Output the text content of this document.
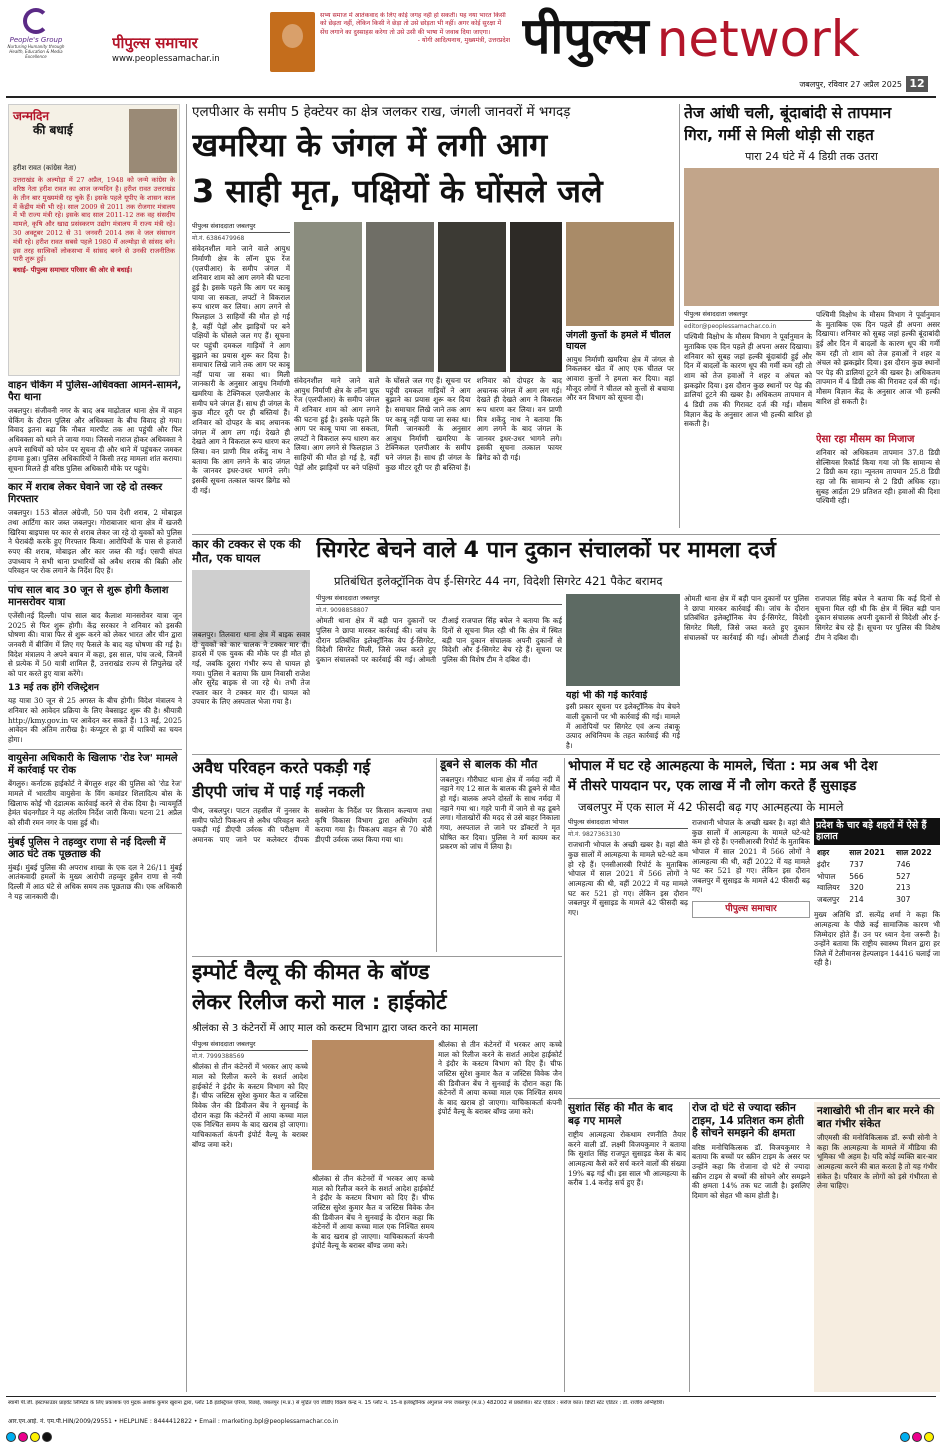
People's Group
Nurturing Humanity through Health, Education & Media Excellence
पीपुल्स समाचार
www.peoplessamachar.in
सभ्य समाज में आतंकवाद के लिए कोई जगह नहीं हो सकती। यह नया भारत किसी को छेड़ता नहीं, लेकिन किसी ने छेड़ा तो उसे छोड़ता भी नहीं। अगर कोई सुरक्षा में सेंध लगाने का दुस्साहस करेगा तो उसे उसी की भाषा में जवाब दिया जाएगा।
- योगी आदित्यनाथ, मुख्यमंत्री, उत्तरप्रदेश पीपुल्स network
जबलपुर, रविवार 27 अप्रैल 2025 12
जन्मदिन
की बधाई
हरीश रावत (कांग्रेस नेता)
उत्तराखंड के अल्मोड़ा में 27 अप्रैल, 1948 को जन्मे कांग्रेस के वरिष्ठ नेता हरीश रावत का आज जन्मदिन है। हरीश रावत उत्तराखंड के तीन बार मुख्यमंत्री रह चुके हैं। इसके पहले यूपीए के शासन काल में केंद्रीय मंत्री भी रहे। साल 2009 से 2011 तक रोजगार मंत्रालय में भी राज्य मंत्री रहे। इसके बाद साल 2011-12 तक वह संसदीय मामले, कृषि और खाद्य प्रसंस्करण उद्योग मंत्रालय में राज्य मंत्री रहे। 30 अक्टूबर 2012 से 31 जनवरी 2014 तक वे जल संसाधन मंत्री रहे। हरीश रावत सबसे पहले 1980 में अल्मोड़ा से सांसद बने। इस तरह सात्विकों लोकसभा में सांसद बनने से उनकी राजनीतिक पारी शुरू हुई।
बधाई- पीपुल्स समाचार परिवार की ओर से बधाई।
वाहन चेकिंग में पुलिस-अधिवक्ता आमने-सामने, पैरा थाना
जबलपुर। संजीवनी नगर के बाद अब माढ़ोताल थाना क्षेत्र में वाहन चेकिंग के दौरान पुलिस और अधिवक्ता के बीच विवाद हो गया। विवाद इतना बढ़ा कि नौबत मारपीट तक आ पहुंची और फिर अधिवक्ता को थाने ले जाया गया। जिससे नाराज होकर अधिवक्ता ने अपने साथियों को फोन पर सूचना दी और थाने में पहुंचकर जमकर हंगामा हुआ। पुलिस अधिकारियों ने किसी तरह मामला शांत कराया। सूचना मिलते ही वरिष्ठ पुलिस अधिकारी मौके पर पहुंचे।
कार में शराब लेकर घेवाने जा रहे दो तस्कर गिरफ्तार
जबलपुर। 153 बोतल अंग्रेजी, 50 पाव देशी शराब, 2 मोबाइल तथा आर्टिगा कार जब्त जबलपुर। गोराबाजार थाना क्षेत्र में खजरी खिरिया बाइपास पर कार से शराब लेकर जा रहे दो युवकों को पुलिस ने घेराबंदी करके हुए गिरफ्तार किया। आरोपियों के पास से हजारों रुपए की शराब, मोबाइल और कार जब्त की गई। एसपी संपत उपाध्याय ने सभी थाना प्रभारियों को अवैध शराब की बिक्री और परिवहन पर रोक लगाने के निर्देश दिए हैं।
पांच साल बाद 30 जून से शुरू होगी कैलाश मानसरोवर यात्रा
एजेंसी।नई दिल्ली। पांच साल बाद कैलाश मानसरोवर यात्रा जून 2025 से फिर शुरू होगी। केंद्र सरकार ने शनिवार को इसकी घोषणा की। यात्रा फिर से शुरू करने को लेकर भारत और चीन द्वारा जनवरी में बीजिंग में लिए गए फैसले के बाद यह घोषणा की गई है। विदेश मंत्रालय ने अपने बयान में कहा, इस साल, पांच जत्थे, जिनमें से प्रत्येक में 50 यात्री शामिल हैं, उत्तराखंड राज्य से लिपुलेख दर्रे को पार करते हुए यात्रा करेंगे।
13 मई तक होंगे रजिस्ट्रेशन
यह यात्रा 30 जून से 25 अगस्त के बीच होगी। विदेश मंत्रालय ने शनिवार को आवेदन प्रक्रिया के लिए वेबसाइट शुरू की है। श्रीयात्री http://kmy.gov.in पर आवेदन कर सकते हैं। 13 मई, 2025 आवेदन की अंतिम तारीख है। कंप्यूटर से ड्रा में यात्रियों का चयन होगा।
वायुसेना अधिकारी के खिलाफ 'रोड रेज' मामले में कार्रवाई पर रोक
बेंगलुरु। कर्नाटक हाईकोर्ट ने बेंगलुरु शहर की पुलिस को 'रोड रेज' मामले में भारतीय वायुसेना के विंग कमांडर शिलादित्य बोस के खिलाफ कोई भी दंडात्मक कार्रवाई करने से रोक दिया है। न्यायमूर्ति हेमंत चंदनगौडर ने यह अंतरिम निर्देश जारी किया। घटना 21 अप्रैल को सीवी रमन नगर के पास हुई थी।
मुंबई पुलिस ने तहव्वुर राणा से नई दिल्ली में आठ घंटे तक पूछताछ की
मुंबई। मुंबई पुलिस की अपराध शाखा के एक दल ने 26/11 मुंबई आतंकवादी हमलों के मुख्य आरोपी तहव्वुर हुसैन राणा से नयी दिल्ली में आठ घंटे से अधिक समय तक पूछताछ की। एक अधिकारी ने यह जानकारी दी।
एलपीआर के समीप 5 हेक्टेयर का क्षेत्र जलकर राख, जंगली जानवरों में भगदड़
खमरिया के जंगल में लगी आग
3 साही मृत, पक्षियों के घोंसले जले
पीपुल्स संवाददाता जबलपुर
मो.नं. 6386479968
संवेदनशील माने जाने वाले आयुध निर्माणी क्षेत्र के लॉन्ग प्रूफ रेंज (एलपीआर) के समीप जंगल में शनिवार शाम को आग लगने की घटना हुई है। इसके पहले कि आग पर काबू पाया जा सकता, लपटों ने विकराल रूप धारण कर लिया। आग लगने से फिलहाल 3 साहियों की मौत हो गई है, वहीं पेड़ों और झाड़ियों पर बने पक्षियों के घोंसले जल गए हैं। सूचना पर पहुंची दमकल गाड़ियों ने आग बुझाने का प्रयास शुरू कर दिया है। समाचार लिखे जाने तक आग पर काबू नहीं पाया जा सका था। मिली जानकारी के अनुसार आयुध निर्माणी खमरिया के टेक्निकल एलपीआर के समीप घने जंगल हैं। साथ ही जंगल के कुछ मीटर दूरी पर ही बस्तियां हैं। शनिवार को दोपहर के बाद अचानक जंगल में आग लग गई। देखते ही देखते आग ने विकराल रूप धारण कर लिया। वन प्राणी मित्र शकेंदु नाथ ने बताया कि आग लगने के बाद जंगल के जानवर इधर-उधर भागने लगे। इसकी सूचना तत्काल फायर ब्रिगेड को दी गई।
संवेदनशील माने जाने वाले आयुध निर्माणी क्षेत्र के लॉन्ग प्रूफ रेंज (एलपीआर) के समीप जंगल में शनिवार शाम को आग लगने की घटना हुई है। इसके पहले कि आग पर काबू पाया जा सकता, लपटों ने विकराल रूप धारण कर लिया। आग लगने से फिलहाल 3 साहियों की मौत हो गई है, वहीं पेड़ों और झाड़ियों पर बने पक्षियों के घोंसले जल गए हैं। सूचना पर पहुंची दमकल गाड़ियों ने आग बुझाने का प्रयास शुरू कर दिया है। समाचार लिखे जाने तक आग पर काबू नहीं पाया जा सका था। मिली जानकारी के अनुसार आयुध निर्माणी खमरिया के टेक्निकल एलपीआर के समीप घने जंगल हैं। साथ ही जंगल के कुछ मीटर दूरी पर ही बस्तियां हैं। शनिवार को दोपहर के बाद अचानक जंगल में आग लग गई। देखते ही देखते आग ने विकराल रूप धारण कर लिया। वन प्राणी मित्र शकेंदु नाथ ने बताया कि आग लगने के बाद जंगल के जानवर इधर-उधर भागने लगे। इसकी सूचना तत्काल फायर ब्रिगेड को दी गई।
जंगली कुत्तों के हमले में चीतल घायल
आयुध निर्माणी खमरिया क्षेत्र में जंगल से निकलकर खेत में आए एक चीतल पर आवारा कुत्तों ने हमला कर दिया। वहां मौजूद लोगों ने चीतल को कुत्तों से बचाया और वन विभाग को सूचना दी।
तेज आंधी चली, बूंदाबांदी से तापमान
गिरा, गर्मी से मिली थोड़ी सी राहत
पारा 24 घंटे में 4 डिग्री तक उतरा
पीपुल्स संवाददाता जबलपुर
editor@peoplessamachar.co.in
पश्चिमी विक्षोभ के मौसम विभाग ने पूर्वानुमान के मुताबिक एक दिन पहले ही अपना असर दिखाया। शनिवार को सुबह जहां हल्की बूंदाबांदी हुई और दिन में बादलों के कारण धूप की गर्मी कम रही तो शाम को तेज हवाओं ने शहर व अंचल को झकझोर दिया। इस दौरान कुछ स्थानों पर पेड़ की डालियां टूटने की खबर है। अधिकतम तापमान में 4 डिग्री तक की गिरावट दर्ज की गई। मौसम विज्ञान केंद्र के अनुसार आज भी हल्की बारिश हो सकती है।
पश्चिमी विक्षोभ के मौसम विभाग ने पूर्वानुमान के मुताबिक एक दिन पहले ही अपना असर दिखाया। शनिवार को सुबह जहां हल्की बूंदाबांदी हुई और दिन में बादलों के कारण धूप की गर्मी कम रही तो शाम को तेज हवाओं ने शहर व अंचल को झकझोर दिया। इस दौरान कुछ स्थानों पर पेड़ की डालियां टूटने की खबर है। अधिकतम तापमान में 4 डिग्री तक की गिरावट दर्ज की गई। मौसम विज्ञान केंद्र के अनुसार आज भी हल्की बारिश हो सकती है।
ऐसा रहा मौसम का मिजाज
शनिवार को अधिकतम तापमान 37.8 डिग्री सेल्सियस रिकॉर्ड किया गया जो कि सामान्य से 2 डिग्री कम रहा। न्यूनतम तापमान 25.8 डिग्री रहा जो कि सामान्य से 2 डिग्री अधिक रहा। सुबह आर्द्रता 29 प्रतिशत रही। हवाओं की दिशा पश्चिमी रही।
कार की टक्कर से एक की मौत, एक घायल
जबलपुर। तिलवारा थाना क्षेत्र में बाइक सवार दो युवकों को कार चालक ने टक्कर मार दी। हादसे में एक युवक की मौके पर ही मौत हो गई, जबकि दूसरा गंभीर रूप से घायल हो गया। पुलिस ने बताया कि ग्राम निवासी राजेश और सुरेंद्र बाइक से जा रहे थे। तभी तेज रफ्तार कार ने टक्कर मार दी। घायल को उपचार के लिए अस्पताल भेजा गया है।
सिगरेट बेचने वाले 4 पान दुकान संचालकों पर मामला दर्ज
प्रतिबंधित इलेक्ट्रॉनिक वेप ई-सिगरेट 44 नग, विदेशी सिगरेट 421 पैकेट बरामद
पीपुल्स संवाददाता जबलपुर
मो.नं. 9098858807
ओमती थाना क्षेत्र में बड़ी पान दुकानों पर पुलिस ने छापा मारकर कार्रवाई की। जांच के दौरान प्रतिबंधित इलेक्ट्रॉनिक वेप ई-सिगरेट, विदेशी सिगरेट मिली, जिसे जब्त करते हुए दुकान संचालकों पर कार्रवाई की गई। ओमती टीआई राजपाल सिंह बघेल ने बताया कि कई दिनों से सूचना मिल रही थी कि क्षेत्र में स्थित बड़ी पान दुकान संचालक अपनी दुकानों से विदेशी और ई-सिगरेट बेच रहे हैं। सूचना पर पुलिस की विशेष टीम ने दबिश दी।
यहां भी की गई कार्रवाई
इसी प्रकार सूचना पर इलेक्ट्रॉनिक वेप बेचने वाली दुकानों पर भी कार्रवाई की गई। मामले में आरोपियों पर सिगरेट एवं अन्य तंबाकू उत्पाद अधिनियम के तहत कार्रवाई की गई है।
ओमती थाना क्षेत्र में बड़ी पान दुकानों पर पुलिस ने छापा मारकर कार्रवाई की। जांच के दौरान प्रतिबंधित इलेक्ट्रॉनिक वेप ई-सिगरेट, विदेशी सिगरेट मिली, जिसे जब्त करते हुए दुकान संचालकों पर कार्रवाई की गई। ओमती टीआई राजपाल सिंह बघेल ने बताया कि कई दिनों से सूचना मिल रही थी कि क्षेत्र में स्थित बड़ी पान दुकान संचालक अपनी दुकानों से विदेशी और ई-सिगरेट बेच रहे हैं। सूचना पर पुलिस की विशेष टीम ने दबिश दी।
अवैध परिवहन करते पकड़ी गई
डीएपी जांच में पाई गई नकली
पीथ, जबलपुर। पाटन तहसील में नुनसर के समीप फोटो पिकअप से अवैध परिवहन करते पकड़ी गई डीएपी उर्वरक की परीक्षण में अमानक पाए जाने पर कलेक्टर दीपक सक्सेना के निर्देश पर किसान कल्याण तथा कृषि विकास विभाग द्वारा अभियोग दर्ज कराया गया है। पिकअप वाहन से 70 बोरी डीएपी उर्वरक जब्त किया गया था।
डूबने से बालक की मौत
जबलपुर। गौरीघाट थाना क्षेत्र में नर्मदा नदी में नहाने गए 12 साल के बालक की डूबने से मौत हो गई। बालक अपने दोस्तों के साथ नर्मदा में नहाने गया था। गहरे पानी में जाने से वह डूबने लगा। गोताखोरों की मदद से उसे बाहर निकाला गया, अस्पताल ले जाने पर डॉक्टरों ने मृत घोषित कर दिया। पुलिस ने मर्ग कायम कर प्रकरण को जांच में लिया है।
भोपाल में घट रहे आत्महत्या के मामले, चिंता : मप्र अब भी देश
में तीसरे पायदान पर, एक लाख में नौ लोग करते हैं सुसाइड
जबलपुर में एक साल में 42 फीसदी बढ़ गए आत्महत्या के मामले
पीपुल्स संवाददाता भोपाल
मो.नं. 9827363130
राजधानी भोपाल के अच्छी खबर है। वहां बीते कुछ सालों में आत्महत्या के मामले घटे-घटे कम हो रहे हैं। एनसीआरबी रिपोर्ट के मुताबिक भोपाल में साल 2021 में 566 लोगों ने आत्महत्या की थी, वहीं 2022 में यह मामले घट कर 521 हो गए। लेकिन इस दौरान जबलपुर में सुसाइड के मामले 42 फीसदी बढ़ गए।
राजधानी भोपाल के अच्छी खबर है। वहां बीते कुछ सालों में आत्महत्या के मामले घटे-घटे कम हो रहे हैं। एनसीआरबी रिपोर्ट के मुताबिक भोपाल में साल 2021 में 566 लोगों ने आत्महत्या की थी, वहीं 2022 में यह मामले घट कर 521 हो गए। लेकिन इस दौरान जबलपुर में सुसाइड के मामले 42 फीसदी बढ़ गए।
पीपुल्स समाचार
प्रदेश के चार बड़े शहरों में ऐसे हैं हालात
शहर	साल 2021	साल 2022
इंदौर	737	746
भोपाल	566	527
ग्वालियर	320	213
जबलपुर	214	307
मुख्य अतिथि डॉ. सत्येंद्र शर्मा ने कहा कि आत्महत्या के पीछे कई सामाजिक कारण भी जिम्मेदार होते हैं। उन पर ध्यान देना जरूरी है। उन्होंने बताया कि राष्ट्रीय स्वास्थ्य मिशन द्वारा हर जिले में टेलीमानस हेल्पलाइन 14416 चलाई जा रही है।
इम्पोर्ट वैल्यू की कीमत के बॉण्ड
लेकर रिलीज करो माल : हाईकोर्ट
श्रीलंका से 3 कंटेनरों में आए माल को कस्टम विभाग द्वारा जब्त करने का मामला
पीपुल्स संवाददाता जबलपुर
मो.नं. 7999388569
श्रीलंका से तीन कंटेनरों में भरकर आए कच्चे माल को रिलीज करने के सशर्त आदेश हाईकोर्ट ने इंदौर के कस्टम विभाग को दिए हैं। चीफ जस्टिस सुरेश कुमार कैत व जस्टिस विवेक जैन की डिवीजन बेंच ने सुनवाई के दौरान कहा कि कंटेनरों में आया कच्चा माल एक निश्चित समय के बाद खराब हो जाएगा। याचिकाकर्ता कंपनी इंपोर्ट वैल्यू के बराबर बॉण्ड जमा करे।
श्रीलंका से तीन कंटेनरों में भरकर आए कच्चे माल को रिलीज करने के सशर्त आदेश हाईकोर्ट ने इंदौर के कस्टम विभाग को दिए हैं। चीफ जस्टिस सुरेश कुमार कैत व जस्टिस विवेक जैन की डिवीजन बेंच ने सुनवाई के दौरान कहा कि कंटेनरों में आया कच्चा माल एक निश्चित समय के बाद खराब हो जाएगा। याचिकाकर्ता कंपनी इंपोर्ट वैल्यू के बराबर बॉण्ड जमा करे।
श्रीलंका से तीन कंटेनरों में भरकर आए कच्चे माल को रिलीज करने के सशर्त आदेश हाईकोर्ट ने इंदौर के कस्टम विभाग को दिए हैं। चीफ जस्टिस सुरेश कुमार कैत व जस्टिस विवेक जैन की डिवीजन बेंच ने सुनवाई के दौरान कहा कि कंटेनरों में आया कच्चा माल एक निश्चित समय के बाद खराब हो जाएगा। याचिकाकर्ता कंपनी इंपोर्ट वैल्यू के बराबर बॉण्ड जमा करे।	सुशांत सिंह की मौत के बाद बढ़ गए मामले
राष्ट्रीय आत्महत्या रोकथाम रणनीति तैयार करने वाली डॉ. लक्ष्मी विजयकुमार ने बताया कि सुशांत सिंह राजपूत सुसाइड केस के बाद आत्महत्या कैसे करें सर्च करने वालों की संख्या 19% बढ़ गई थी। इस साल भी आत्महत्या के करीब 1.4 करोड़ सर्च हुए हैं।
रोज दो घंटे से ज्यादा स्क्रीन टाइम, 14 प्रतिशत कम होती है सोचने समझने की क्षमता
वरिष्ठ मनोचिकित्सक डॉ. विजयकुमार ने बताया कि बच्चों पर स्क्रीन टाइम के असर पर उन्होंने कहा कि रोजाना दो घंटे से ज्यादा स्क्रीन टाइम से बच्चों की सोचने और समझने की क्षमता 14% तक घट जाती है। इसलिए दिमाग को सेहत भी काम होती है।
नशाखोरी भी तीन बार मरने की बात गंभीर संकेत
जीएमसी की मनोविकित्सक डॉ. रूची सोनी ने कहा कि आत्महत्या के मामले में मीडिया की भूमिका भी अहम है। यदि कोई व्यक्ति बार-बार आत्महत्या करने की बात करता है तो यह गंभीर संकेत है। परिवार के लोगों को इसे गंभीरता से लेना चाहिए।
स्वामी पी.जी. इंस्टाफाउंडर प्राइवेट लिमिटेड के लिए प्रकाशक एवं मुद्रक अशोक कुमार खुराना द्वारा, प्लॉट 18 इंडस्ट्रियल एरिया, रिछाई, जबलपुर (म.प्र.) से मुद्रित एवं जीडीए विक्रय केन्द्र न. 15 प्लॉट न. 15-ब इलेक्ट्रॉनिक अंगुलाल नगर जबलपुर (म.प्र.) 482002 से प्रकाशित। स्टेट एडिटर : सरोज कांत। डिप्टी स्टेट एडिटर : डॉ. राजीव अग्निहोत्री।
आर.एन.आई. नं. एम.पी.HIN/2009/29551 • HELPLINE : 8444412822 • Email : marketing.bpl@peoplessamachar.co.in
